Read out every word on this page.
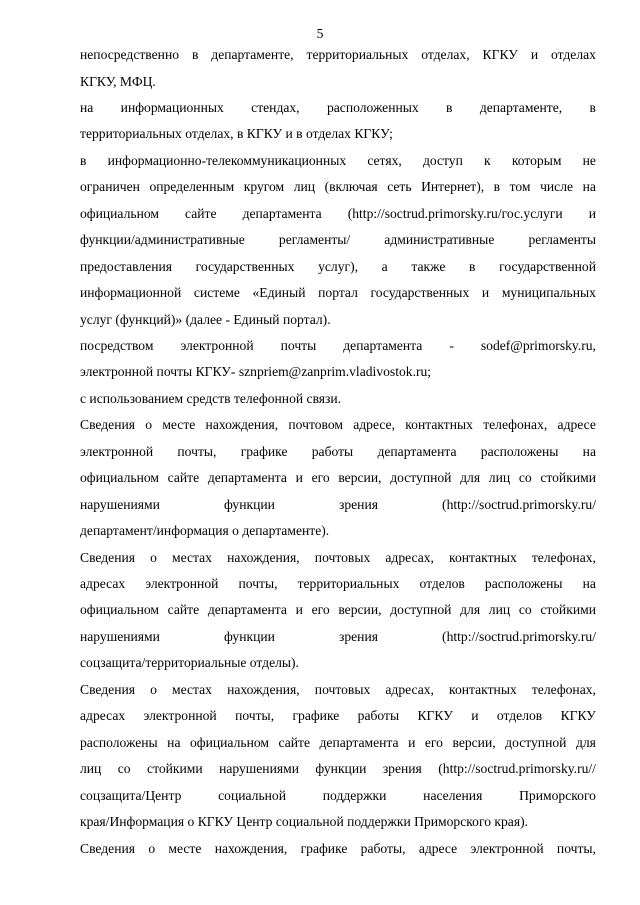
5
непосредственно в департаменте, территориальных отделах, КГКУ и отделах
КГКУ, МФЦ.
на информационных стендах, расположенных в департаменте, в
территориальных отделах, в КГКУ и в отделах КГКУ;
в информационно-телекоммуникационных сетях, доступ к которым не
ограничен определенным кругом лиц (включая сеть Интернет), в том числе на
официальном сайте департамента (http://soctrud.primorsky.ru/гос.услуги и
функции/административные	регламенты/	административные	регламенты
предоставления государственных услуг), а также в государственной
информационной системе «Единый портал государственных и муниципальных
услуг (функций)» (далее - Единый портал).
посредством электронной почты департамента - sodef@primorsky.ru,
электронной почты КГКУ- sznpriem@zanprim.vladivostok.ru;
с использованием средств телефонной связи.
Сведения о месте нахождения, почтовом адресе, контактных телефонах, адресе
электронной почты, графике работы департамента расположены на
официальном сайте департамента и его версии, доступной для лиц со стойкими
нарушениями	функции	зрения	(http://soctrud.primorsky.ru/
департамент/информация о департаменте).
Сведения о местах нахождения, почтовых адресах, контактных телефонах,
адресах электронной почты, территориальных отделов расположены на
официальном сайте департамента и его версии, доступной для лиц со стойкими
нарушениями	функции	зрения	(http://soctrud.primorsky.ru/
соцзащита/территориальные отделы).
Сведения о местах нахождения, почтовых адресах, контактных телефонах,
адресах электронной почты, графике работы КГКУ и отделов КГКУ
расположены на официальном сайте департамента и его версии, доступной для
лиц со стойкими нарушениями функции зрения (http://soctrud.primorsky.ru//
соцзащита/Центр	социальной	поддержки	населения	Приморского
края/Информация о КГКУ Центр социальной поддержки Приморского края).
Сведения о месте нахождения, графике работы, адресе электронной почты,
